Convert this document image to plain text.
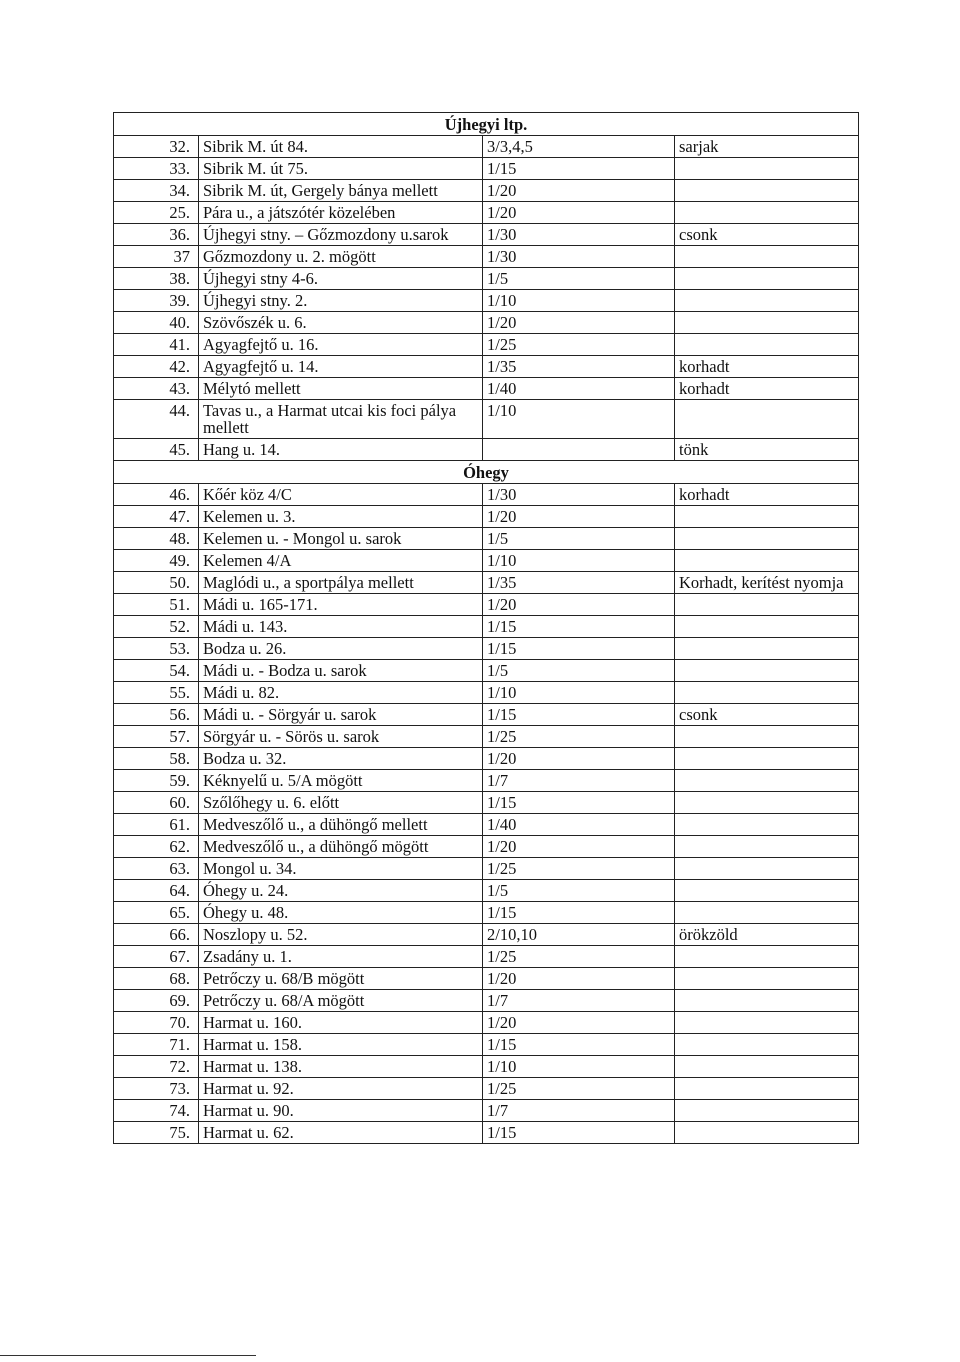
Újhegyi ltp.			
32.	Sibrik M. út 84.	3/3,4,5	sarjak
33.	Sibrik M. út 75.	1/15	
34.	Sibrik M. út, Gergely bánya mellett	1/20	
25.	Pára u., a játszótér közelében	1/20	
36.	Újhegyi stny. – Gőzmozdony u.sarok	1/30	csonk
37	Gőzmozdony u. 2. mögött	1/30	
38.	Újhegyi stny 4-6.	1/5	
39.	Újhegyi stny. 2.	1/10	
40.	Szövőszék u. 6.	1/20	
41.	Agyagfejtő u. 16.	1/25	
42.	Agyagfejtő u. 14.	1/35	korhadt
43.	Mélytó mellett	1/40	korhadt
44.	Tavas u., a Harmat utcai kis foci pálya mellett	1/10	
45.	Hang u. 14.		tönk
Óhegy			
46.	Kőér köz 4/C	1/30	korhadt
47.	Kelemen u. 3.	1/20	
48.	Kelemen u. - Mongol u. sarok	1/5	
49.	Kelemen 4/A	1/10	
50.	Maglódi u., a sportpálya mellett	1/35	Korhadt, kerítést nyomja
51.	Mádi u. 165-171.	1/20	
52.	Mádi u. 143.	1/15	
53.	Bodza u. 26.	1/15	
54.	Mádi u. - Bodza u. sarok	1/5	
55.	Mádi u. 82.	1/10	
56.	Mádi u. - Sörgyár u. sarok	1/15	csonk
57.	Sörgyár u. - Sörös u. sarok	1/25	
58.	Bodza u. 32.	1/20	
59.	Kéknyelű u. 5/A mögött	1/7	
60.	Szőlőhegy u. 6. előtt	1/15	
61.	Medveszőlő u., a dühöngő mellett	1/40	
62.	Medveszőlő u., a dühöngő mögött	1/20	
63.	Mongol u. 34.	1/25	
64.	Óhegy u. 24.	1/5	
65.	Óhegy u. 48.	1/15	
66.	Noszlopy u. 52.	2/10,10	örökzöld
67.	Zsadány u. 1.	1/25	
68.	Petrőczy u. 68/B mögött	1/20	
69.	Petrőczy u. 68/A mögött	1/7	
70.	Harmat u. 160.	1/20	
71.	Harmat u. 158.	1/15	
72.	Harmat u. 138.	1/10	
73.	Harmat u. 92.	1/25	
74.	Harmat u. 90.	1/7	
75.	Harmat u. 62.	1/15	
